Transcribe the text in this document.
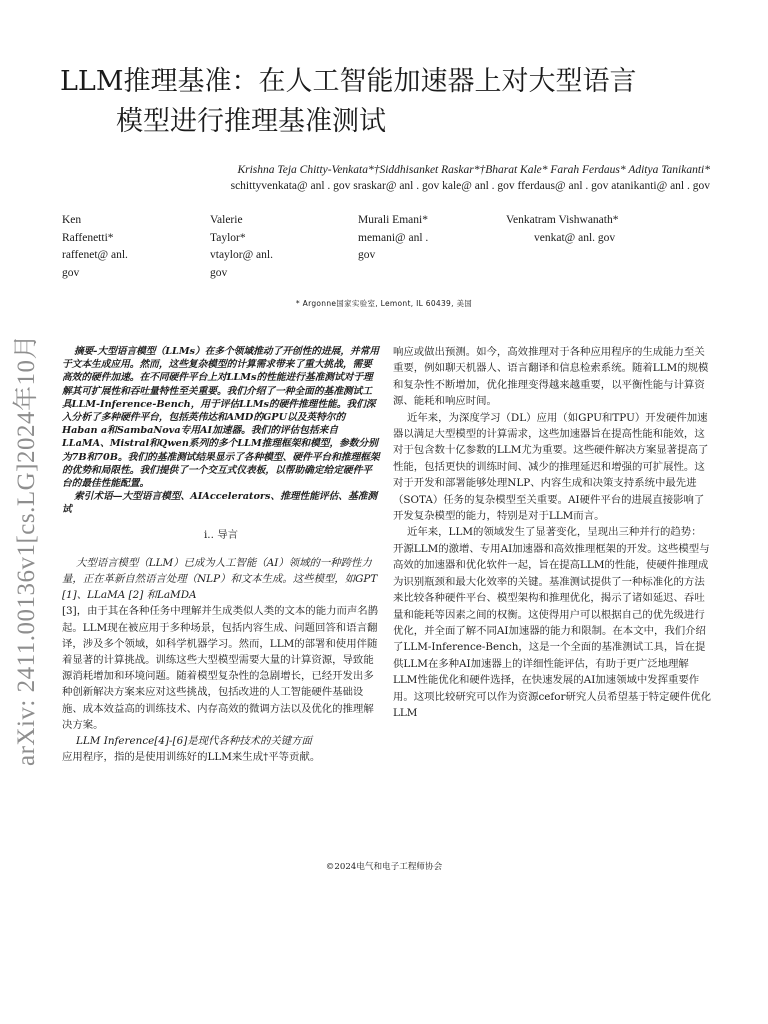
arXiv: 2411.00136v1[cs.LG]2024年10月
LLM推理基准：在人工智能加速器上对大型语言
模型进行推理基准测试
Krishna Teja Chitty-Venkata*†Siddhisanket Raskar*†Bharat Kale* Farah Ferdaus* Aditya Tanikanti*
schittyvenkata@ anl . gov sraskar@ anl . gov kale@ anl . gov fferdaus@ anl . gov atanikanti@ anl . gov
Ken
Raffenetti*
raffenet@ anl.
gov
Valerie
Taylor*
vtaylor@ anl.
gov
Murali Emani*
memani@ anl .
gov
Venkatram Vishwanath*
venkat@ anl. gov
* Argonne国家实验室, Lemont, IL 60439, 美国

摘要-大型语言模型（LLMs）在多个领域推动了开创性的进展，并常用于文本生成应用。然而，这些复杂模型的计算需求带来了重大挑战，需要高效的硬件加速。在不同硬件平台上对LLMs的性能进行基准测试对于理解其可扩展性和吞吐量特性至关重要。我们介绍了一种全面的基准测试工具LLM-Inference-Bench，用于评估LLMs的硬件推理性能。我们深入分析了多种硬件平台，包括英伟达和AMD的GPU以及英特尔的Haban a和SambaNova专用AI加速器。我们的评估包括来自LLaMA、Mistral和Qwen系列的多个LLM推理框架和模型，参数分别为7B和70B。我们的基准测试结果显示了各种模型、硬件平台和推理框架的优势和局限性。我们提供了一个交互式仪表板，以帮助确定给定硬件平台的最佳性能配置。

索引术语—大型语言模型、AIAccelerators、推理性能评估、基准测试

i.. 导言

大型语言模型（LLM）已成为人工智能（AI）领域的一种跨性力量，正在革新自然语言处理（NLP）和文本生成。这些模型，如GPT [1]、LLaMA [2] 和LaMDA

[3]，由于其在各种任务中理解并生成类似人类的文本的能力而声名鹊起。LLM现在被应用于多种场景，包括内容生成、问题回答和语言翻译，涉及多个领域，如科学机器学习。然而，LLM的部署和使用伴随着显著的计算挑战。训练这些大型模型需要大量的计算资源，导致能源消耗增加和环境问题。随着模型复杂性的急剧增长，已经开发出多种创新解决方案来应对这些挑战，包括改进的人工智能硬件基础设施、成本效益高的训练技术、内存高效的微调方法以及优化的推理解决方案。

LLM Inference[4]-[6]是现代各种技术的关键方面

应用程序，指的是使用训练好的LLM来生成†平等贡献。

响应或做出预测。如今，高效推理对于各种应用程序的生成能力至关重要，例如聊天机器人、语言翻译和信息检索系统。随着LLM的规模和复杂性不断增加，优化推理变得越来越重要，以平衡性能与计算资源、能耗和响应时间。

近年来，为深度学习（DL）应用（如GPU和TPU）开发硬件加速器以满足大型模型的计算需求，这些加速器旨在提高性能和能效，这对于包含数十亿参数的LLM尤为重要。这些硬件解决方案显著提高了性能，包括更快的训练时间、减少的推理延迟和增强的可扩展性。这对于开发和部署能够处理NLP、内容生成和决策支持系统中最先进（SOTA）任务的复杂模型至关重要。AI硬件平台的进展直接影响了开发复杂模型的能力，特别是对于LLM而言。

近年来，LLM的领域发生了显著变化，呈现出三种并行的趋势：开源LLM的激增、专用AI加速器和高效推理框架的开发。这些模型与高效的加速器和优化软件一起，旨在提高LLM的性能，使硬件推理成为识别瓶颈和最大化效率的关键。基准测试提供了一种标准化的方法来比较各种硬件平台、模型架构和推理优化，揭示了诸如延迟、吞吐量和能耗等因素之间的权衡。这使得用户可以根据自己的优先级进行优化，并全面了解不同AI加速器的能力和限制。在本文中，我们介绍了LLM-Inference-Bench，这是一个全面的基准测试工具，旨在提供LLM在多种AI加速器上的详细性能评估，有助于更广泛地理解LLM性能优化和硬件选择，在快速发展的AI加速领域中发挥重要作用。这项比较研究可以作为资源cefor研究人员希望基于特定硬件优化LLM

©2024电气和电子工程师协会
